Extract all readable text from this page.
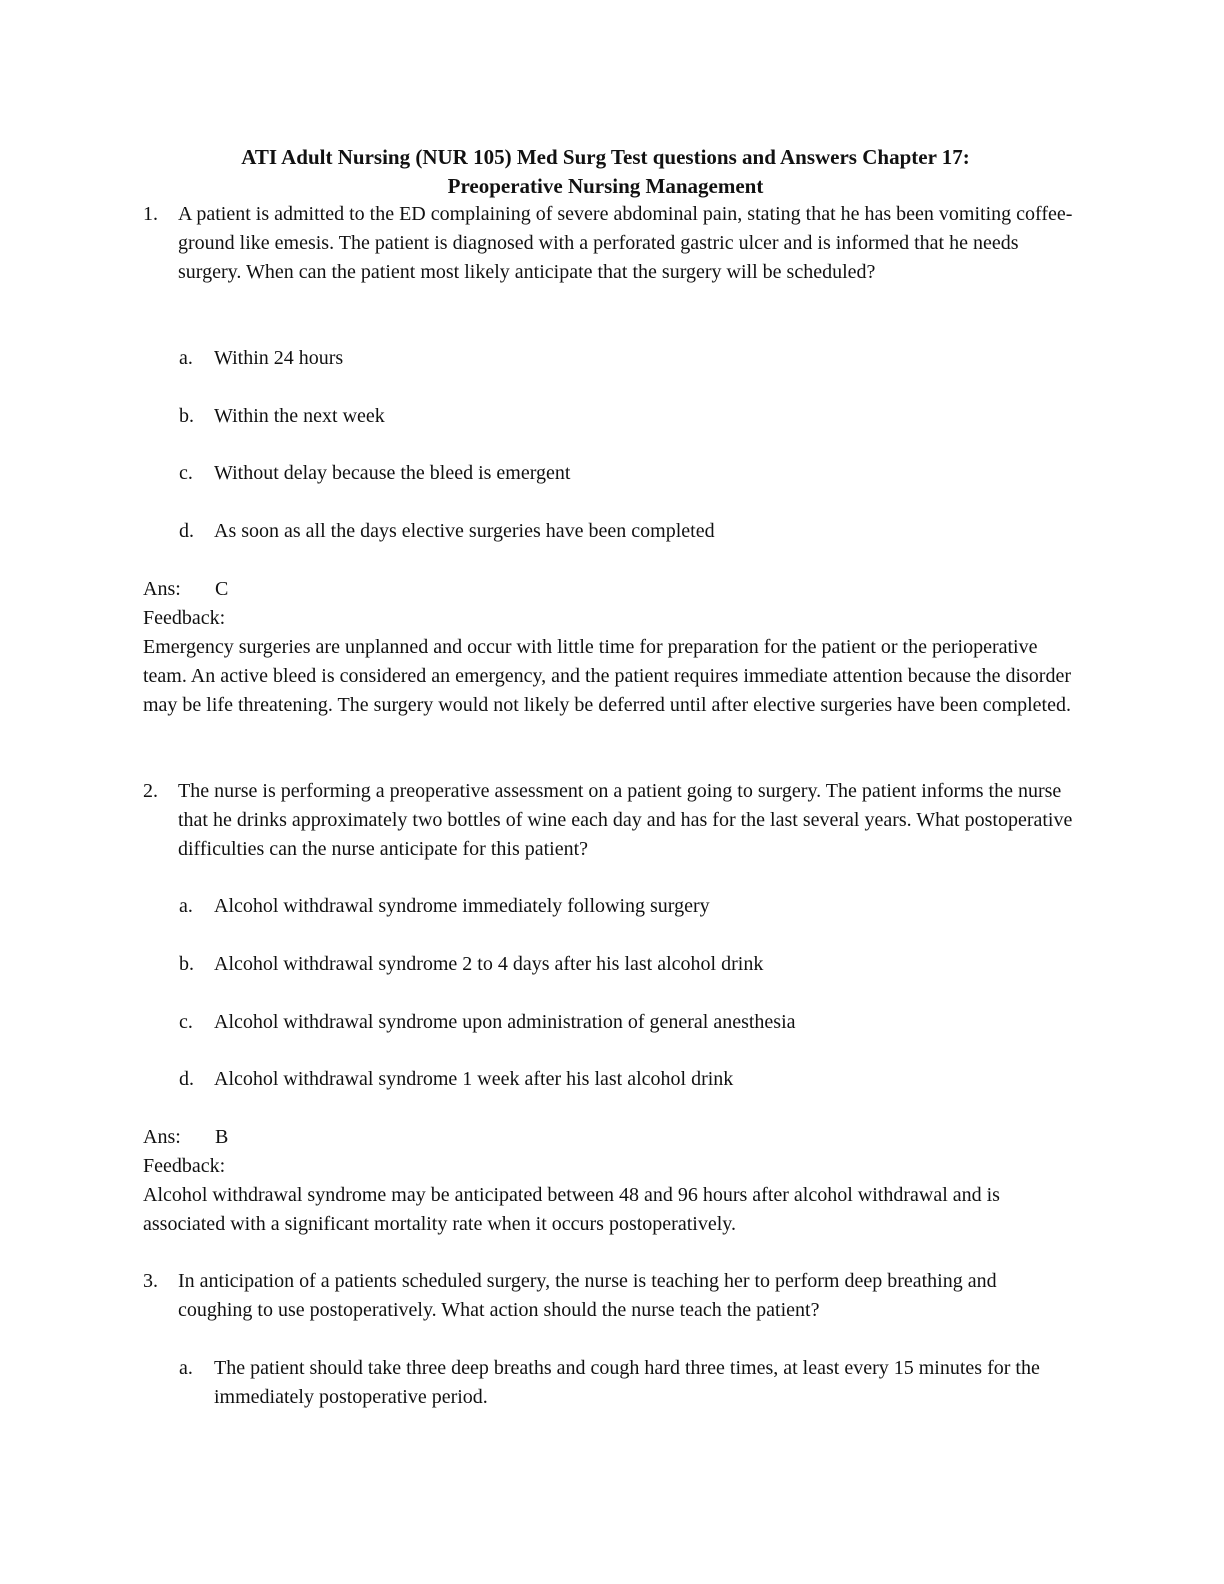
ATI Adult Nursing (NUR 105) Med Surg Test questions and Answers Chapter 17:
Preoperative Nursing Management
1. A patient is admitted to the ED complaining of severe abdominal pain, stating that he has been vomiting coffee-ground like emesis. The patient is diagnosed with a perforated gastric ulcer and is informed that he needs surgery. When can the patient most likely anticipate that the surgery will be scheduled?
a. Within 24 hours
b. Within the next week
c. Without delay because the bleed is emergent
d. As soon as all the days elective surgeries have been completed
Ans: C
Feedback:
Emergency surgeries are unplanned and occur with little time for preparation for the patient or the perioperative team. An active bleed is considered an emergency, and the patient requires immediate attention because the disorder may be life threatening. The surgery would not likely be deferred until after elective surgeries have been completed.
2. The nurse is performing a preoperative assessment on a patient going to surgery. The patient informs the nurse that he drinks approximately two bottles of wine each day and has for the last several years. What postoperative difficulties can the nurse anticipate for this patient?
a. Alcohol withdrawal syndrome immediately following surgery
b. Alcohol withdrawal syndrome 2 to 4 days after his last alcohol drink
c. Alcohol withdrawal syndrome upon administration of general anesthesia
d. Alcohol withdrawal syndrome 1 week after his last alcohol drink
Ans: B
Feedback:
Alcohol withdrawal syndrome may be anticipated between 48 and 96 hours after alcohol withdrawal and is associated with a significant mortality rate when it occurs postoperatively.
3. In anticipation of a patients scheduled surgery, the nurse is teaching her to perform deep breathing and coughing to use postoperatively. What action should the nurse teach the patient?
a. The patient should take three deep breaths and cough hard three times, at least every 15 minutes for the immediately postoperative period.
